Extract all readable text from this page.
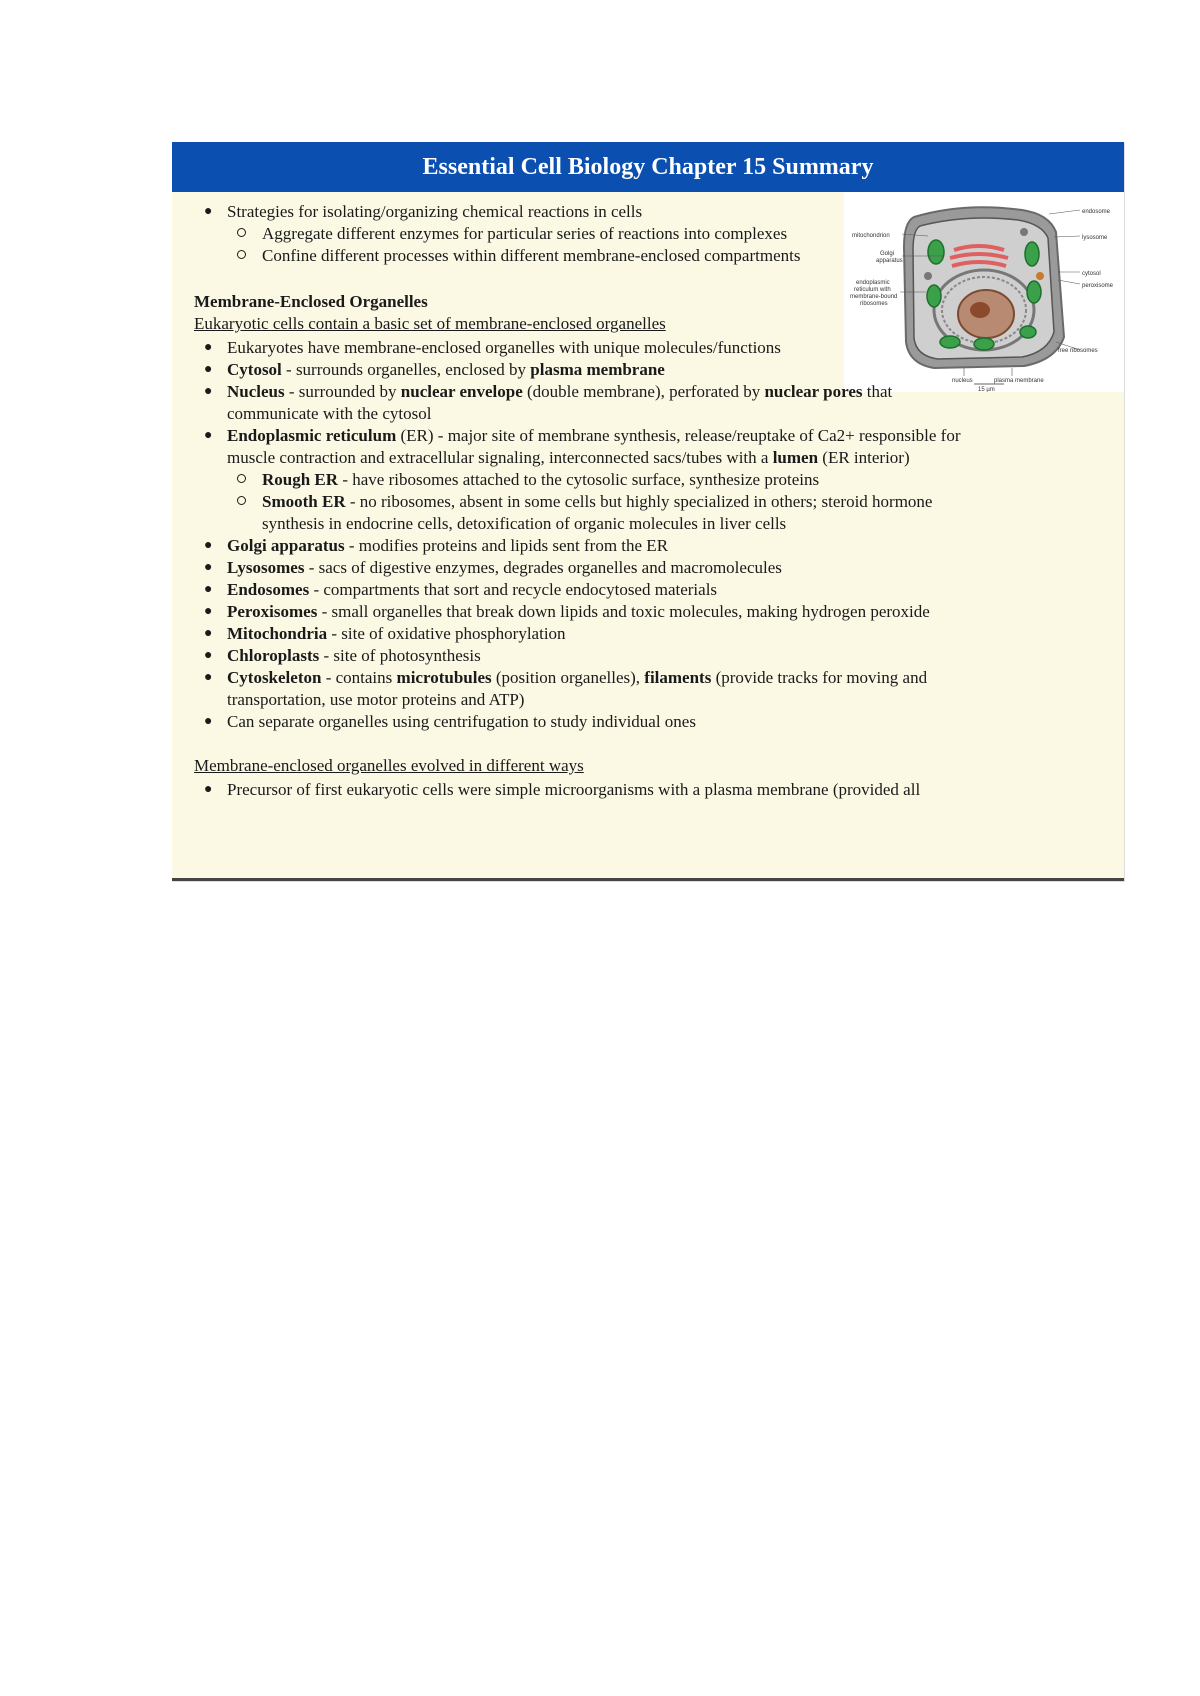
Essential Cell Biology Chapter 15 Summary
endosome
lysosome
cytosol
peroxisome
free ribosomes
mitochondrion
Golgi
apparatus
endoplasmic
reticulum with
membrane-bound
ribosomes
nucleus	plasma membrane
15 µm
● Strategies for isolating/organizing chemical reactions in cells
Aggregate different enzymes for particular series of reactions into complexes
Confine different processes within different membrane-enclosed compartments
Membrane-Enclosed Organelles
Eukaryotic cells contain a basic set of membrane-enclosed organelles
● Eukaryotes have membrane-enclosed organelles with unique molecules/functions
● Cytosol - surrounds organelles, enclosed by plasma membrane
● Nucleus - surrounded by nuclear envelope (double membrane), perforated by nuclear pores that
communicate with the cytosol
● Endoplasmic reticulum (ER) - major site of membrane synthesis, release/reuptake of Ca2+ responsible for
muscle contraction and extracellular signaling, interconnected sacs/tubes with a lumen (ER interior)
Rough ER - have ribosomes attached to the cytosolic surface, synthesize proteins
Smooth ER - no ribosomes, absent in some cells but highly specialized in others; steroid hormone
synthesis in endocrine cells, detoxification of organic molecules in liver cells
● Golgi apparatus - modifies proteins and lipids sent from the ER
● Lysosomes - sacs of digestive enzymes, degrades organelles and macromolecules
● Endosomes - compartments that sort and recycle endocytosed materials
● Peroxisomes - small organelles that break down lipids and toxic molecules, making hydrogen peroxide
● Mitochondria - site of oxidative phosphorylation
● Chloroplasts - site of photosynthesis
● Cytoskeleton - contains microtubules (position organelles), filaments (provide tracks for moving and
transportation, use motor proteins and ATP)
● Can separate organelles using centrifugation to study individual ones
Membrane-enclosed organelles evolved in different ways
● Precursor of first eukaryotic cells were simple microorganisms with a plasma membrane (provided all
